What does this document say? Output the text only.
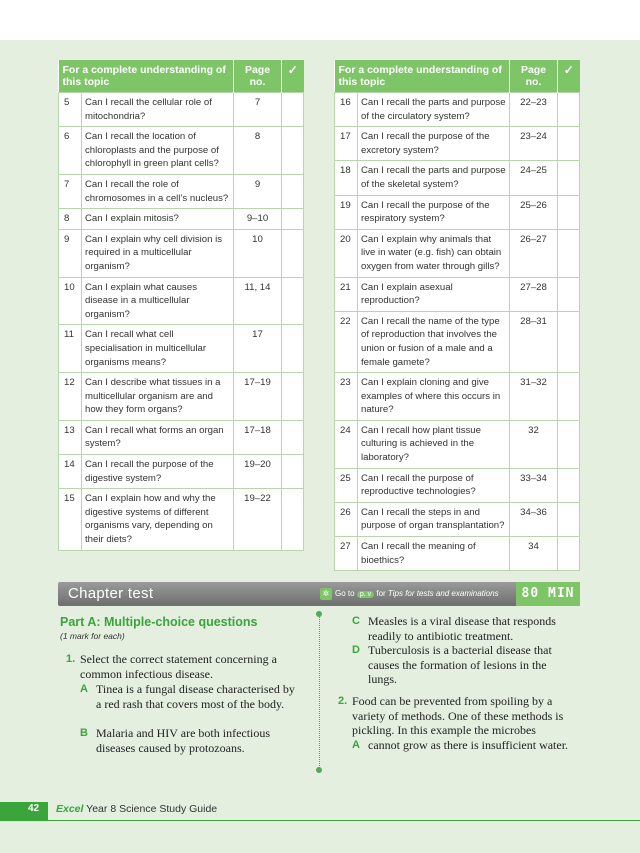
For a complete understanding of this topic		Page no.	✓
5	Can I recall the cellular role of mitochondria?	7	
6	Can I recall the location of chloroplasts and the purpose of chlorophyll in green plant cells?	8	
7	Can I recall the role of chromosomes in a cell’s nucleus?	9	
8	Can I explain mitosis?	9–10	
9	Can I explain why cell division is required in a multicellular organism?	10	
10	Can I explain what causes disease in a multicellular organism?	11, 14	
11	Can I recall what cell specialisation in multicellular organisms means?	17	
12	Can I describe what tissues in a multicellular organism are and how they form organs?	17–19	
13	Can I recall what forms an organ system?	17–18	
14	Can I recall the purpose of the digestive system?	19–20	
15	Can I explain how and why the digestive systems of different organisms vary, depending on their diets?	19–22	
For a complete understanding of this topic		Page no.	✓
16	Can I recall the parts and purpose of the circulatory system?	22–23	
17	Can I recall the purpose of the excretory system?	23–24	
18	Can I recall the parts and purpose of the skeletal system?	24–25	
19	Can I recall the purpose of the respiratory system?	25–26	
20	Can I explain why animals that live in water (e.g. fish) can obtain oxygen from water through gills?	26–27	
21	Can I explain asexual reproduction?	27–28	
22	Can I recall the name of the type of reproduction that involves the union or fusion of a male and a female gamete?	28–31	
23	Can I explain cloning and give examples of where this occurs in nature?	31–32	
24	Can I recall how plant tissue culturing is achieved in the laboratory?	32	
25	Can I recall the purpose of reproductive technologies?	33–34	
26	Can I recall the steps in and purpose of organ transplantation?	34–36	
27	Can I recall the meaning of bioethics?	34	
Chapter test	✲ Go to p. v for Tips for tests and examinations	80 MIN
Part A: Multiple-choice questions
(1 mark for each)
1. Select the correct statement concerning a common infectious disease.
A Tinea is a fungal disease characterised by a red rash that covers most of the body.
B Malaria and HIV are both infectious diseases caused by protozoans.
C Measles is a viral disease that responds readily to antibiotic treatment.
D Tuberculosis is a bacterial disease that causes the formation of lesions in the lungs.
2. Food can be prevented from spoiling by a variety of methods. One of these methods is pickling. In this example the microbes
A cannot grow as there is insufficient water.
42 Excel Year 8 Science Study Guide
